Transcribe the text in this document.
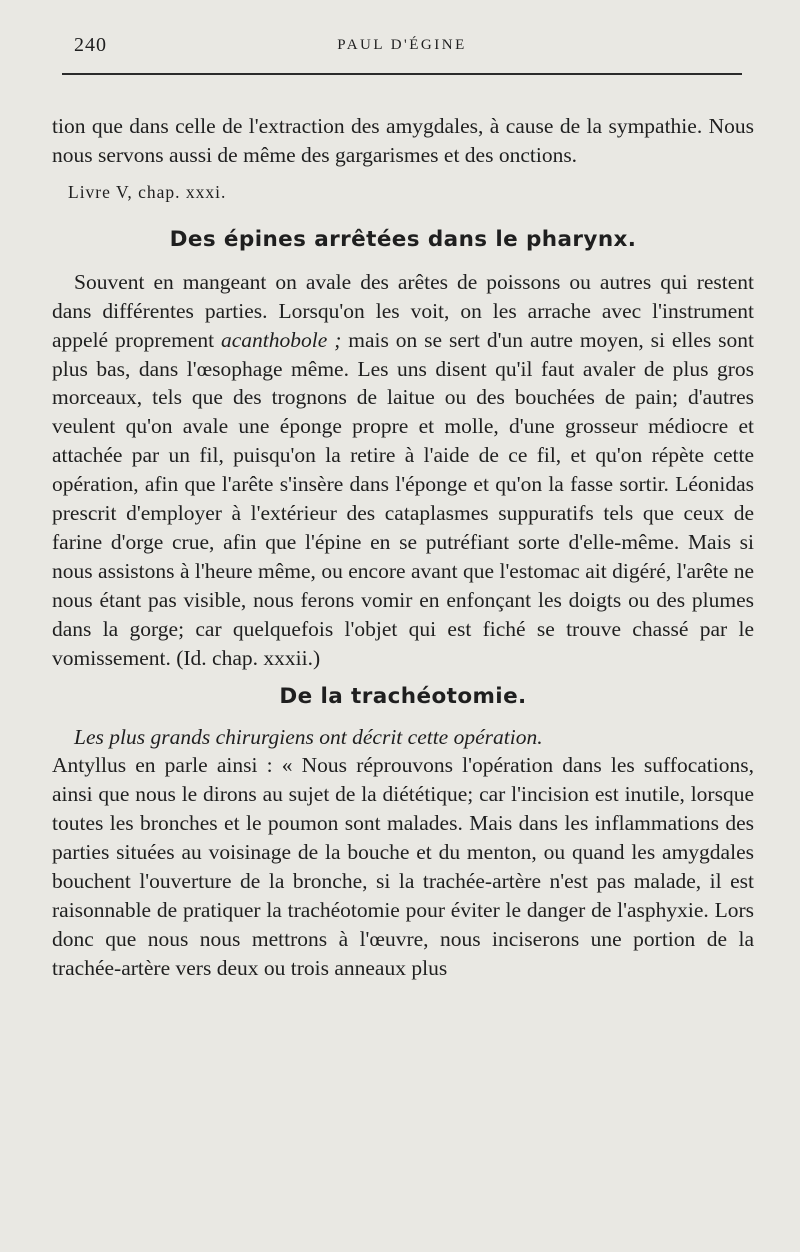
240	PAUL D'ÉGINE

tion que dans celle de l'extraction des amygdales, à cause de la sympathie. Nous nous servons aussi de même des gargarismes et des onctions.

Livre V, chap. xxxi.

Des épines arrêtées dans le pharynx.

Souvent en mangeant on avale des arêtes de poissons ou autres qui restent dans différentes parties. Lorsqu'on les voit, on les arrache avec l'instrument appelé proprement acanthobole ; mais on se sert d'un autre moyen, si elles sont plus bas, dans l'œsophage même. Les uns disent qu'il faut avaler de plus gros morceaux, tels que des trognons de laitue ou des bouchées de pain; d'autres veulent qu'on avale une éponge propre et molle, d'une grosseur médiocre et attachée par un fil, puisqu'on la retire à l'aide de ce fil, et qu'on répète cette opération, afin que l'arête s'insère dans l'éponge et qu'on la fasse sortir. Léonidas prescrit d'employer à l'extérieur des cataplasmes suppuratifs tels que ceux de farine d'orge crue, afin que l'épine en se putréfiant sorte d'elle-même. Mais si nous assistons à l'heure même, ou encore avant que l'estomac ait digéré, l'arête ne nous étant pas visible, nous ferons vomir en enfonçant les doigts ou des plumes dans la gorge; car quelquefois l'objet qui est fiché se trouve chassé par le vomissement. (Id. chap. xxxii.)

De la trachéotomie.

Les plus grands chirurgiens ont décrit cette opération.

Antyllus en parle ainsi : « Nous réprouvons l'opération dans les suffocations, ainsi que nous le dirons au sujet de la diététique; car l'incision est inutile, lorsque toutes les bronches et le poumon sont malades. Mais dans les inflammations des parties situées au voisinage de la bouche et du menton, ou quand les amygdales bouchent l'ouverture de la bronche, si la trachée-artère n'est pas malade, il est raisonnable de pratiquer la trachéotomie pour éviter le danger de l'asphyxie. Lors donc que nous nous mettrons à l'œuvre, nous inciserons une portion de la trachée-artère vers deux ou trois anneaux plus
